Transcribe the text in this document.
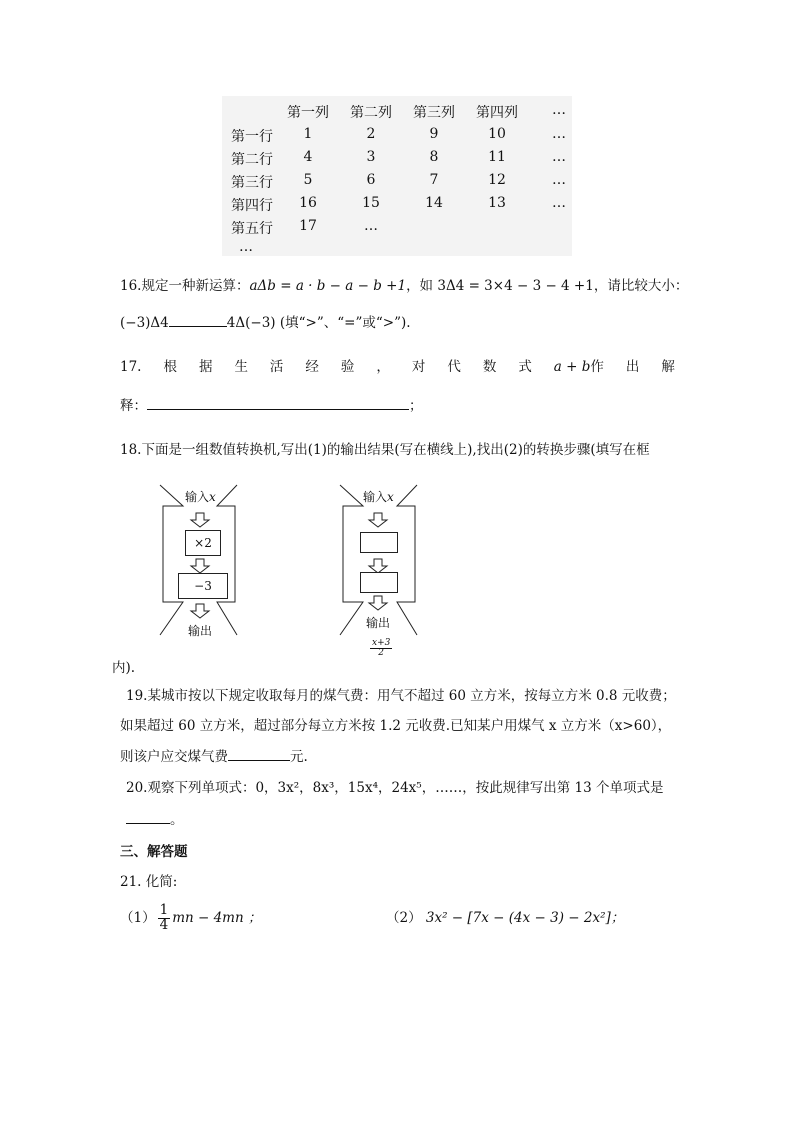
第一列	第二列	第三列	第四列	…
第一行	1	2	9	10	…
第二行	4	3	8	11	…
第三行	5	6	7	12	…
第四行	16	15	14	13	…
第五行	17	…
…
16.规定一种新运算：aΔb = a · b − a − b +1，如 3Δ4 = 3×4 − 3 − 4 +1，请比较大小：
(−3)Δ4	4Δ(−3) (填“>”、“=”或“>”).
17. 根 据 生 活 经 验 ， 对 代 数 式 a + b作 出 解
释：	；
18.下面是一组数值转换机,写出(1)的输出结果(写在横线上),找出(2)的转换步骤(填写在框
输入x
×2
−3
输出
输入x
输出
$\frac{x+3}{2}$
内).
19.某城市按以下规定收取每月的煤气费：用气不超过 60 立方米，按每立方米 0.8 元收费；
如果超过 60 立方米，超过部分每立方米按 1.2 元收费.已知某户用煤气 x 立方米（x>60），
则该户应交煤气费	元.
20.观察下列单项式：0，3x²，8x³，15x⁴，24x⁵，……，按此规律写出第 13 个单项式是
。
三、解答题
21. 化简:
$(1) \frac{1}{4}$ mn − 4mn ；	（2） 3x² − [7x − (4x − 3) − 2x²]；
